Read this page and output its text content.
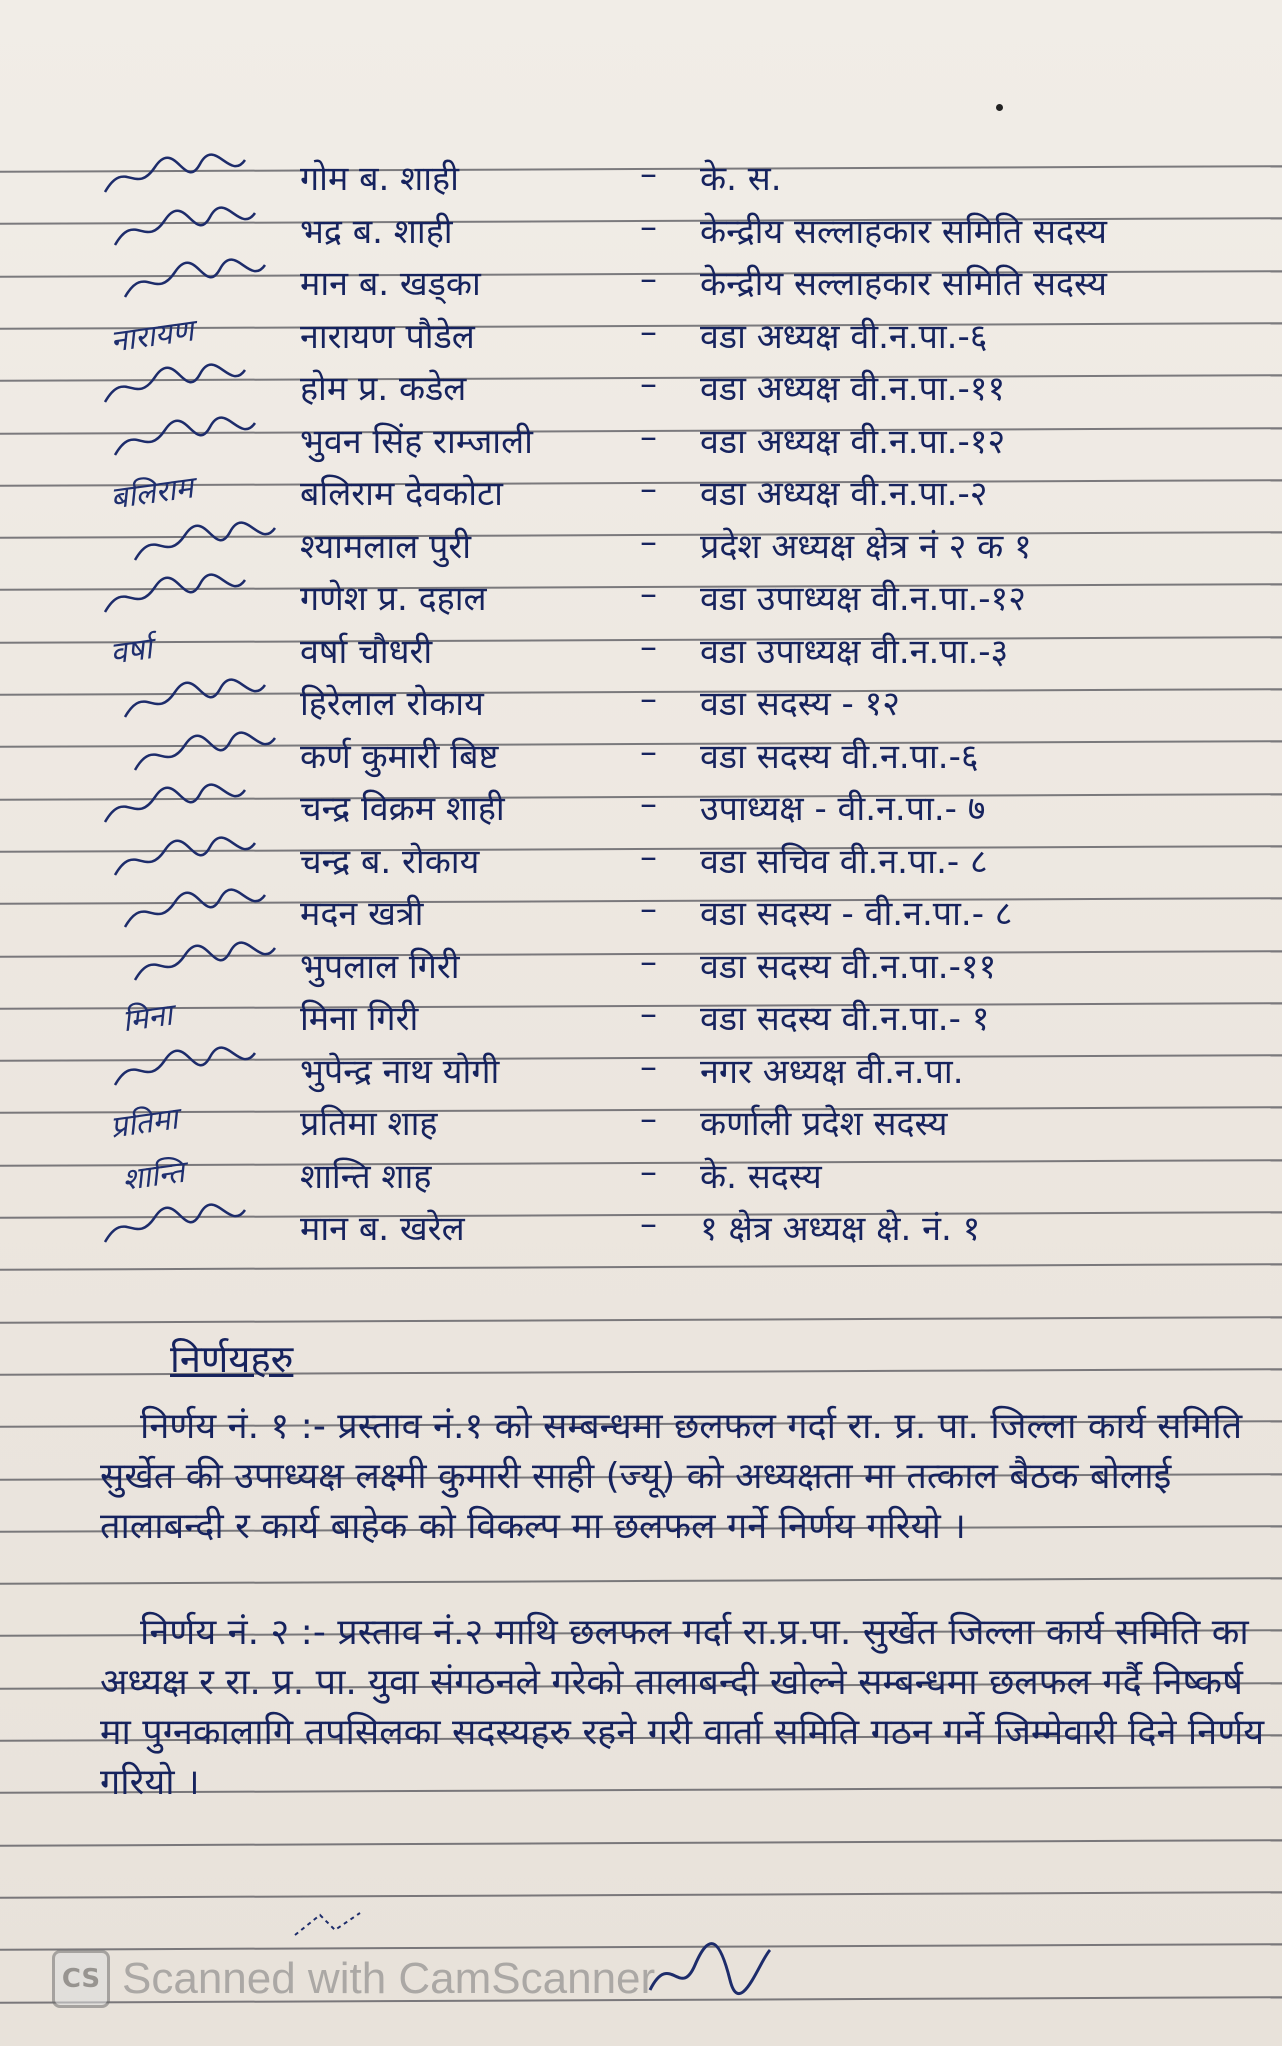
गोम ब. शाही	– के. स.
भद्र ब. शाही	– केन्द्रीय सल्लाहकार समिति सदस्य
मान ब. खड्का	– केन्द्रीय सल्लाहकार समिति सदस्य
नारायण	नारायण पौडेल	– वडा अध्यक्ष वी.न.पा.-६
होम प्र. कडेल	– वडा अध्यक्ष वी.न.पा.-११
भुवन सिंह राम्जाली	– वडा अध्यक्ष वी.न.पा.-१२
बलिराम	बलिराम देवकोटा	– वडा अध्यक्ष वी.न.पा.-२
श्यामलाल पुरी	– प्रदेश अध्यक्ष क्षेत्र नं २ क १
गणेश प्र. दहाल	– वडा उपाध्यक्ष वी.न.पा.-१२
वर्षा	वर्षा चौधरी	– वडा उपाध्यक्ष वी.न.पा.-३
हिरेलाल रोकाय	– वडा सदस्य - १२
कर्ण कुमारी बिष्ट	– वडा सदस्य वी.न.पा.-६
चन्द्र विक्रम शाही	– उपाध्यक्ष - वी.न.पा.- ७
चन्द्र ब. रोकाय	– वडा सचिव वी.न.पा.- ८
मदन खत्री	– वडा सदस्य - वी.न.पा.- ८
भुपलाल गिरी	– वडा सदस्य वी.न.पा.-११
मिना	मिना गिरी	– वडा सदस्य वी.न.पा.- १
भुपेन्द्र नाथ योगी	– नगर अध्यक्ष वी.न.पा.
प्रतिमा	प्रतिमा शाह	– कर्णाली प्रदेश सदस्य
शान्ति	शान्ति शाह	– के. सदस्य
मान ब. खरेल	– १ क्षेत्र अध्यक्ष क्षे. नं. १
निर्णयहरु
निर्णय नं. १ :- प्रस्ताव नं.१ को सम्बन्धमा छलफल गर्दा रा. प्र. पा. जिल्ला कार्य समिति सुर्खेत की उपाध्यक्ष लक्ष्मी कुमारी साही (ज्यू) को अध्यक्षता मा तत्काल बैठक बोलाई तालाबन्दी र कार्य बाहेक को विकल्प मा छलफल गर्ने निर्णय गरियो ।
निर्णय नं. २ :- प्रस्ताव नं.२ माथि छलफल गर्दा रा.प्र.पा. सुर्खेत जिल्ला कार्य समिति का अध्यक्ष र रा. प्र. पा. युवा संगठनले गरेको तालाबन्दी खोल्ने सम्बन्धमा छलफल गर्दै निष्कर्ष मा पुग्नकालागि तपसिलका सदस्यहरु रहने गरी वार्ता समिति गठन गर्ने जिम्मेवारी दिने निर्णय गरियो ।
CS Scanned with CamScanner
